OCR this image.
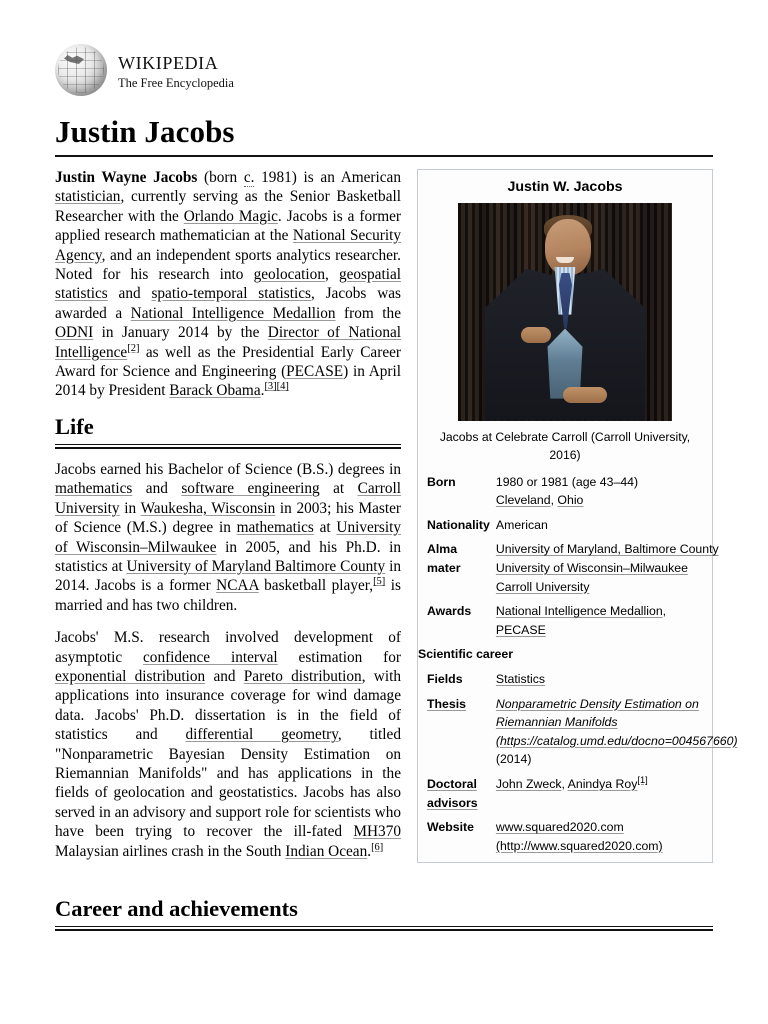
wikipedia
The Free Encyclopedia
Justin Jacobs
Justin W. Jacobs
Jacobs at Celebrate Carroll (Carroll University, 2016)
Born	1980 or 1981 (age 43–44)
Cleveland, Ohio
Nationality	American
Alma mater	University of Maryland, Baltimore County
University of Wisconsin–Milwaukee
Carroll University
Awards	National Intelligence Medallion,
PECASE
Scientific career	
Fields	Statistics
Thesis	Nonparametric Density Estimation on Riemannian Manifolds (https://catalog.umd.edu/docno=004567660) (2014)
Doctoral advisors	John Zweck, Anindya Roy[1]
Website	www.squared2020.com (http://www.squared2020.com)

Justin Wayne Jacobs (born c. 1981) is an American statistician, currently serving as the Senior Basketball Researcher with the Orlando Magic. Jacobs is a former applied research mathematician at the National Security Agency, and an independent sports analytics researcher. Noted for his research into geolocation, geospatial statistics and spatio-temporal statistics, Jacobs was awarded a National Intelligence Medallion from the ODNI in January 2014 by the Director of National Intelligence[2] as well as the Presidential Early Career Award for Science and Engineering (PECASE) in April 2014 by President Barack Obama.[3][4]

Life

Jacobs earned his Bachelor of Science (B.S.) degrees in mathematics and software engineering at Carroll University in Waukesha, Wisconsin in 2003; his Master of Science (M.S.) degree in mathematics at University of Wisconsin–Milwaukee in 2005, and his Ph.D. in statistics at University of Maryland Baltimore County in 2014. Jacobs is a former NCAA basketball player,[5] is married and has two children.

Jacobs' M.S. research involved development of asymptotic confidence interval estimation for exponential distribution and Pareto distribution, with applications into insurance coverage for wind damage data. Jacobs' Ph.D. dissertation is in the field of statistics and differential geometry, titled "Nonparametric Bayesian Density Estimation on Riemannian Manifolds" and has applications in the fields of geolocation and geostatistics. Jacobs has also served in an advisory and support role for scientists who have been trying to recover the ill-fated MH370 Malaysian airlines crash in the South Indian Ocean.[6]

Career and achievements
